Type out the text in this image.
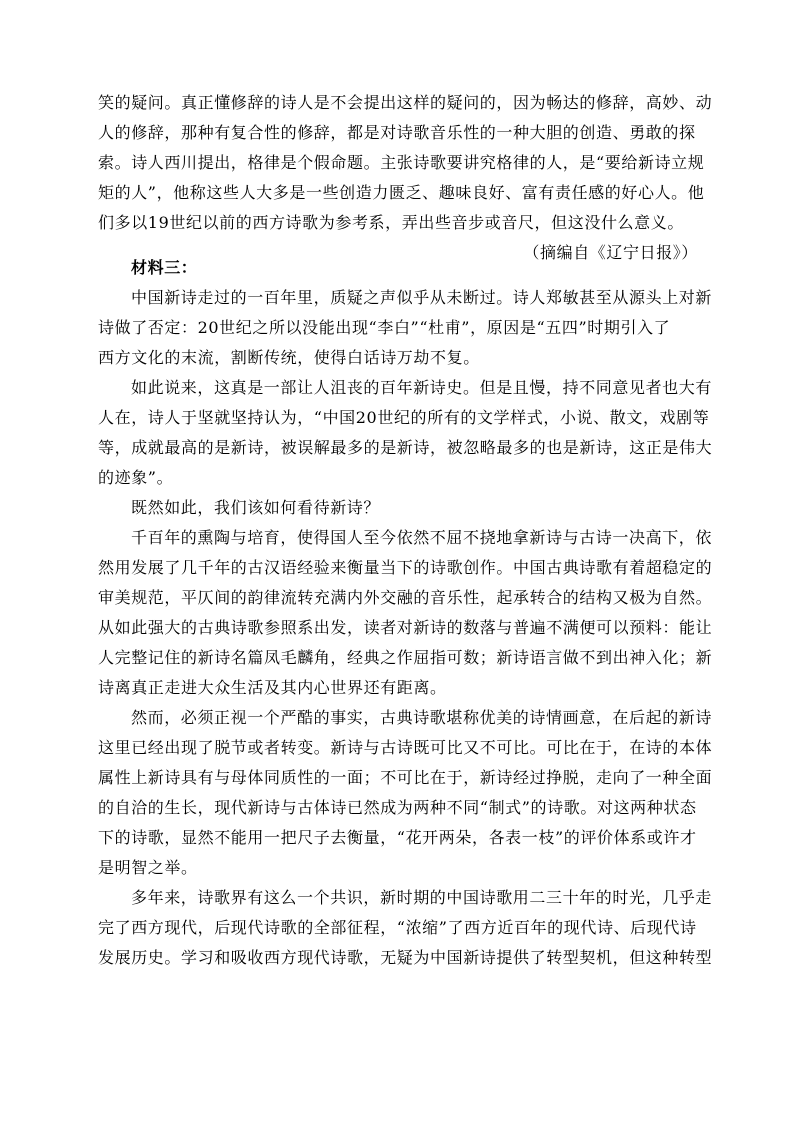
笑的疑问。真正懂修辞的诗人是不会提出这样的疑问的，因为畅达的修辞，高妙、动
人的修辞，那种有复合性的修辞，都是对诗歌音乐性的一种大胆的创造、勇敢的探
索。诗人西川提出，格律是个假命题。主张诗歌要讲究格律的人，是“要给新诗立规
矩的人”，他称这些人大多是一些创造力匮乏、趣味良好、富有责任感的好心人。他
们多以19世纪以前的西方诗歌为参考系，弄出些音步或音尺，但这没什么意义。
（摘编自《辽宁日报》）
材料三：
中国新诗走过的一百年里，质疑之声似乎从未断过。诗人郑敏甚至从源头上对新
诗做了否定：20世纪之所以没能出现“李白”“杜甫”，原因是“五四”时期引入了
西方文化的末流，割断传统，使得白话诗万劫不复。
如此说来，这真是一部让人沮丧的百年新诗史。但是且慢，持不同意见者也大有
人在，诗人于坚就坚持认为，“中国20世纪的所有的文学样式，小说、散文，戏剧等
等，成就最高的是新诗，被误解最多的是新诗，被忽略最多的也是新诗，这正是伟大
的迹象”。
既然如此，我们该如何看待新诗？
千百年的熏陶与培育，使得国人至今依然不屈不挠地拿新诗与古诗一决高下，依
然用发展了几千年的古汉语经验来衡量当下的诗歌创作。中国古典诗歌有着超稳定的
审美规范，平仄间的韵律流转充满内外交融的音乐性，起承转合的结构又极为自然。
从如此强大的古典诗歌参照系出发，读者对新诗的数落与普遍不满便可以预料：能让
人完整记住的新诗名篇凤毛麟角，经典之作屈指可数；新诗语言做不到出神入化；新
诗离真正走进大众生活及其内心世界还有距离。
然而，必须正视一个严酷的事实，古典诗歌堪称优美的诗情画意，在后起的新诗
这里已经出现了脱节或者转变。新诗与古诗既可比又不可比。可比在于，在诗的本体
属性上新诗具有与母体同质性的一面；不可比在于，新诗经过挣脱，走向了一种全面
的自洽的生长，现代新诗与古体诗已然成为两种不同“制式”的诗歌。对这两种状态
下的诗歌，显然不能用一把尺子去衡量，“花开两朵，各表一枝”的评价体系或许才
是明智之举。
多年来，诗歌界有这么一个共识，新时期的中国诗歌用二三十年的时光，几乎走
完了西方现代，后现代诗歌的全部征程，“浓缩”了西方近百年的现代诗、后现代诗
发展历史。学习和吸收西方现代诗歌，无疑为中国新诗提供了转型契机，但这种转型
